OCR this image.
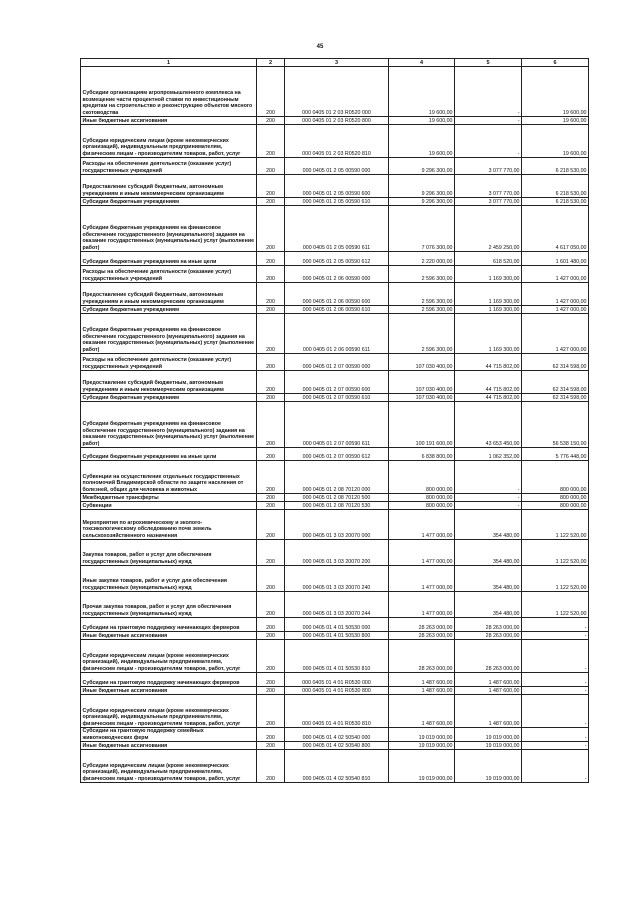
45
1	2	3	4	5	6
Субсидии организациям агропромышленного комплекса на возмещение части процентной ставки по инвестиционным кредитам на строительство и реконструкцию объектов мясного скотоводства	200	000 0405 01 2 03 R0520 000	19 600,00	-	19 600,00
Иные бюджетные ассигнования	200	000 0405 01 2 03 R0520 800	19 600,00	-	19 600,00
Субсидии юридическим лицам (кроме некоммерческих организаций), индивидуальным предпринимателям, физическим лицам - производителям товаров, работ, услуг	200	000 0405 01 2 03 R0520 810	19 600,00	-	19 600,00
Расходы на обеспечение деятельности (оказание услуг) государственных учреждений	200	000 0405 01 2 05 00590 000	9 296 300,00	3 077 770,00	6 218 530,00
Предоставление субсидий бюджетным, автономным учреждениям и иным некоммерческим организациям	200	000 0405 01 2 05 00590 600	9 296 300,00	3 077 770,00	6 218 530,00
Субсидии бюджетным учреждениям	200	000 0405 01 2 05 00590 610	9 296 300,00	3 077 770,00	6 218 530,00
Субсидии бюджетным учреждениям на финансовое обеспечение государственного (муниципального) задания на оказание государственных (муниципальных) услуг (выполнение работ)	200	000 0405 01 2 05 00590 611	7 076 300,00	2 459 250,00	4 617 050,00
Субсидии бюджетным учреждениям на иные цели	200	000 0405 01 2 05 00590 612	2 220 000,00	618 520,00	1 601 480,00
Расходы на обеспечение деятельности (оказание услуг) государственных учреждений	200	000 0405 01 2 06 00590 000	2 596 300,00	1 169 300,00	1 427 000,00
Предоставление субсидий бюджетным, автономным учреждениям и иным некоммерческим организациям	200	000 0405 01 2 06 00590 600	2 596 300,00	1 169 300,00	1 427 000,00
Субсидии бюджетным учреждениям	200	000 0405 01 2 06 00590 610	2 596 300,00	1 169 300,00	1 427 000,00
Субсидии бюджетным учреждениям на финансовое обеспечение государственного (муниципального) задания на оказание государственных (муниципальных) услуг (выполнение работ)	200	000 0405 01 2 06 00590 611	2 596 300,00	1 169 300,00	1 427 000,00
Расходы на обеспечение деятельности (оказание услуг) государственных учреждений	200	000 0405 01 2 07 00590 000	107 030 400,00	44 715 802,00	62 314 598,00
Предоставление субсидий бюджетным, автономным учреждениям и иным некоммерческим организациям	200	000 0405 01 2 07 00590 600	107 030 400,00	44 715 802,00	62 314 598,00
Субсидии бюджетным учреждениям	200	000 0405 01 2 07 00590 610	107 030 400,00	44 715 802,00	62 314 598,00
Субсидии бюджетным учреждениям на финансовое обеспечение государственного (муниципального) задания на оказание государственных (муниципальных) услуг (выполнение работ)	200	000 0405 01 2 07 00590 611	100 191 600,00	43 653 450,00	56 538 150,00
Субсидии бюджетным учреждениям на иные цели	200	000 0405 01 2 07 00590 612	6 838 800,00	1 062 352,00	5 776 448,00
Субвенции на осуществление отдельных государственных полномочий Владимирской области по защите населения от болезней, общих для человека и животных	200	000 0405 01 2 08 70120 000	800 000,00	-	800 000,00
Межбюджетные трансферты	200	000 0405 01 2 08 70120 500	800 000,00	-	800 000,00
Субвенции	200	000 0405 01 2 08 70120 530	800 000,00	-	800 000,00
Мероприятия по агрохимическому и эколого-токсикологическому обследованию почв земель сельскохозяйственного назначения	200	000 0405 01 3 03 20070 000	1 477 000,00	354 480,00	1 122 520,00
Закупка товаров, работ и услуг для обеспечения государственных (муниципальных) нужд	200	000 0405 01 3 03 20070 200	1 477 000,00	354 480,00	1 122 520,00
Иные закупки товаров, работ и услуг для обеспечения государственных (муниципальных) нужд	200	000 0405 01 3 03 20070 240	1 477 000,00	354 480,00	1 122 520,00
Прочая закупка товаров, работ и услуг для обеспечения государственных (муниципальных) нужд	200	000 0405 01 3 03 20070 244	1 477 000,00	354 480,00	1 122 520,00
Субсидии на грантовую поддержку начинающих фермеров	200	000 0405 01 4 01 50530 000	28 263 000,00	28 263 000,00	-
Иные бюджетные ассигнования	200	000 0405 01 4 01 50530 800	28 263 000,00	28 263 000,00	-
Субсидии юридическим лицам (кроме некоммерческих организаций), индивидуальным предпринимателям, физическим лицам - производителям товаров, работ, услуг	200	000 0405 01 4 01 50530 810	28 263 000,00	28 263 000,00	-
Субсидии на грантовую поддержку начинающих фермеров	200	000 0405 01 4 01 R0530 000	1 487 600,00	1 487 600,00	-
Иные бюджетные ассигнования	200	000 0405 01 4 01 R0530 800	1 487 600,00	1 487 600,00	-
Субсидии юридическим лицам (кроме некоммерческих организаций), индивидуальным предпринимателям, физическим лицам - производителям товаров, работ, услуг	200	000 0405 01 4 01 R0530 810	1 487 600,00	1 487 600,00	-
Субсидии на грантовую поддержку семейных животноводческих ферм	200	000 0405 01 4 02 50540 000	19 019 000,00	19 019 000,00	-
Иные бюджетные ассигнования	200	000 0405 01 4 02 50540 800	19 019 000,00	19 019 000,00	-
Субсидии юридическим лицам (кроме некоммерческих организаций), индивидуальным предпринимателям, физическим лицам - производителям товаров, работ, услуг	200	000 0405 01 4 02 50540 810	19 019 000,00	19 019 000,00	-
